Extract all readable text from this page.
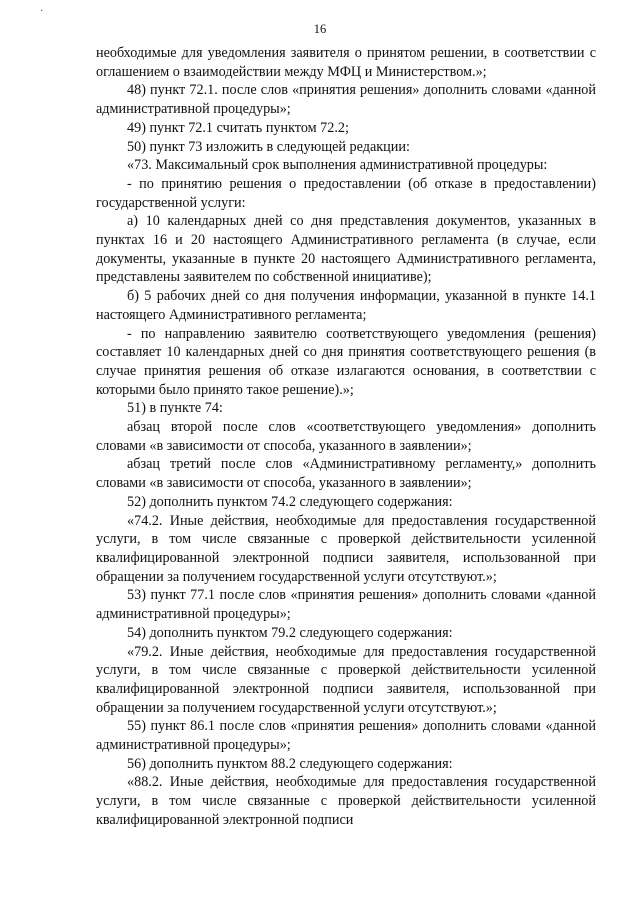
·
16

необходимые для уведомления заявителя о принятом решении, в соответствии с оглашением о взаимодействии между МФЦ и Министерством.»;

48) пункт 72.1. после слов «принятия решения» дополнить словами «данной административной процедуры»;

49) пункт 72.1 считать пунктом 72.2;

50) пункт 73 изложить в следующей редакции:

«73. Максимальный срок выполнения административной процедуры:

- по принятию решения о предоставлении (об отказе в предоставлении) государственной услуги:

а) 10 календарных дней со дня представления документов, указанных в пунктах 16 и 20 настоящего Административного регламента (в случае, если документы, указанные в пункте 20 настоящего Административного регламента, представлены заявителем по собственной инициативе);

б) 5 рабочих дней со дня получения информации, указанной в пункте 14.1 настоящего Административного регламента;

- по направлению заявителю соответствующего уведомления (решения) составляет 10 календарных дней со дня принятия соответствующего решения (в случае принятия решения об отказе излагаются основания, в соответствии с которыми было принято такое решение).»;

51) в пункте 74:

абзац второй после слов «соответствующего уведомления» дополнить словами «в зависимости от способа, указанного в заявлении»;

абзац третий после слов «Административному регламенту,» дополнить словами «в зависимости от способа, указанного в заявлении»;

52) дополнить пунктом 74.2 следующего содержания:

«74.2. Иные действия, необходимые для предоставления государственной услуги, в том числе связанные с проверкой действительности усиленной квалифицированной электронной подписи заявителя, использованной при обращении за получением государственной услуги отсутствуют.»;

53) пункт 77.1 после слов «принятия решения» дополнить словами «данной административной процедуры»;

54) дополнить пунктом 79.2 следующего содержания:

«79.2. Иные действия, необходимые для предоставления государственной услуги, в том числе связанные с проверкой действительности усиленной квалифицированной электронной подписи заявителя, использованной при обращении за получением государственной услуги отсутствуют.»;

55) пункт 86.1 после слов «принятия решения» дополнить словами «данной административной процедуры»;

56) дополнить пунктом 88.2 следующего содержания:

«88.2. Иные действия, необходимые для предоставления государственной услуги, в том числе связанные с проверкой действительности усиленной квалифицированной электронной подписи
